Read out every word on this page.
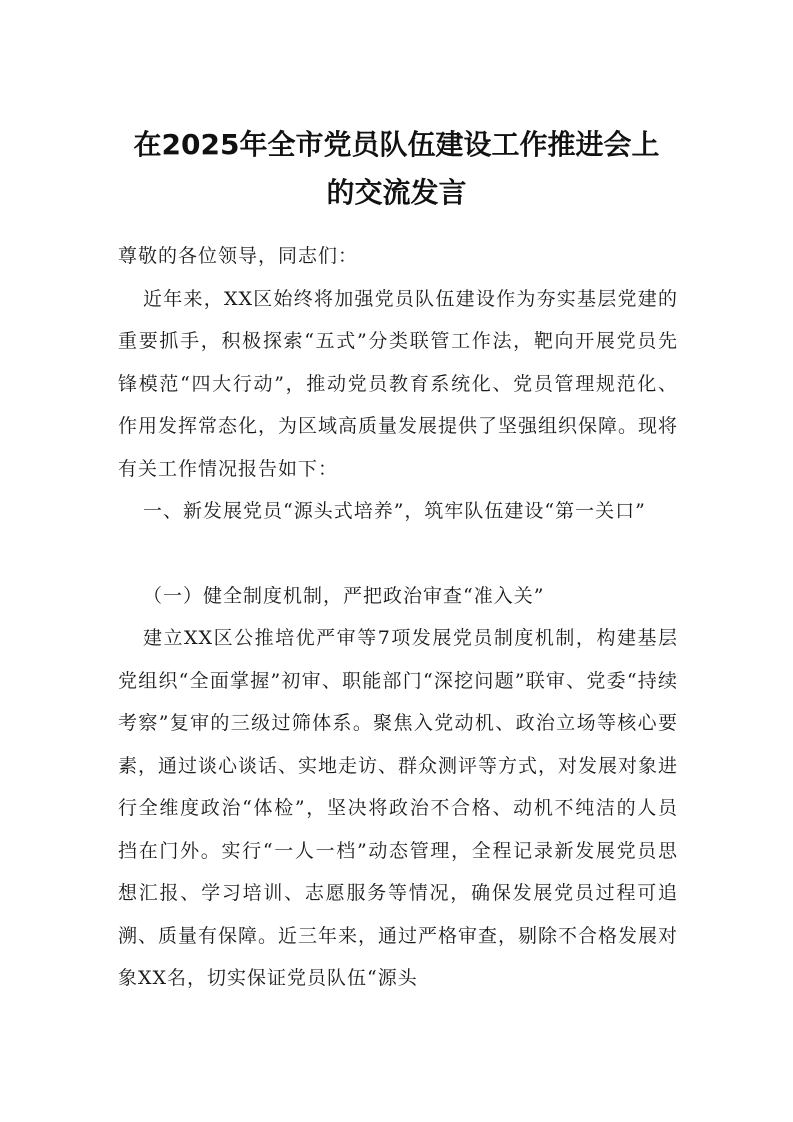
在2025年全市党员队伍建设工作推进会上
的交流发言

尊敬的各位领导，同志们：

近年来，XX区始终将加强党员队伍建设作为夯实基层党建的重要抓手，积极探索“五式”分类联管工作法，靶向开展党员先锋模范“四大行动”，推动党员教育系统化、党员管理规范化、作用发挥常态化，为区域高质量发展提供了坚强组织保障。现将有关工作情况报告如下：

一、新发展党员“源头式培养”，筑牢队伍建设“第一关口”

（一）健全制度机制，严把政治审查“准入关”

建立XX区公推培优严审等7项发展党员制度机制，构建基层党组织“全面掌握”初审、职能部门“深挖问题”联审、党委“持续考察”复审的三级过筛体系。聚焦入党动机、政治立场等核心要素，通过谈心谈话、实地走访、群众测评等方式，对发展对象进行全维度政治“体检”，坚决将政治不合格、动机不纯洁的人员挡在门外。实行“一人一档”动态管理，全程记录新发展党员思想汇报、学习培训、志愿服务等情况，确保发展党员过程可追溯、质量有保障。近三年来，通过严格审查，剔除不合格发展对象XX名，切实保证党员队伍“源头
